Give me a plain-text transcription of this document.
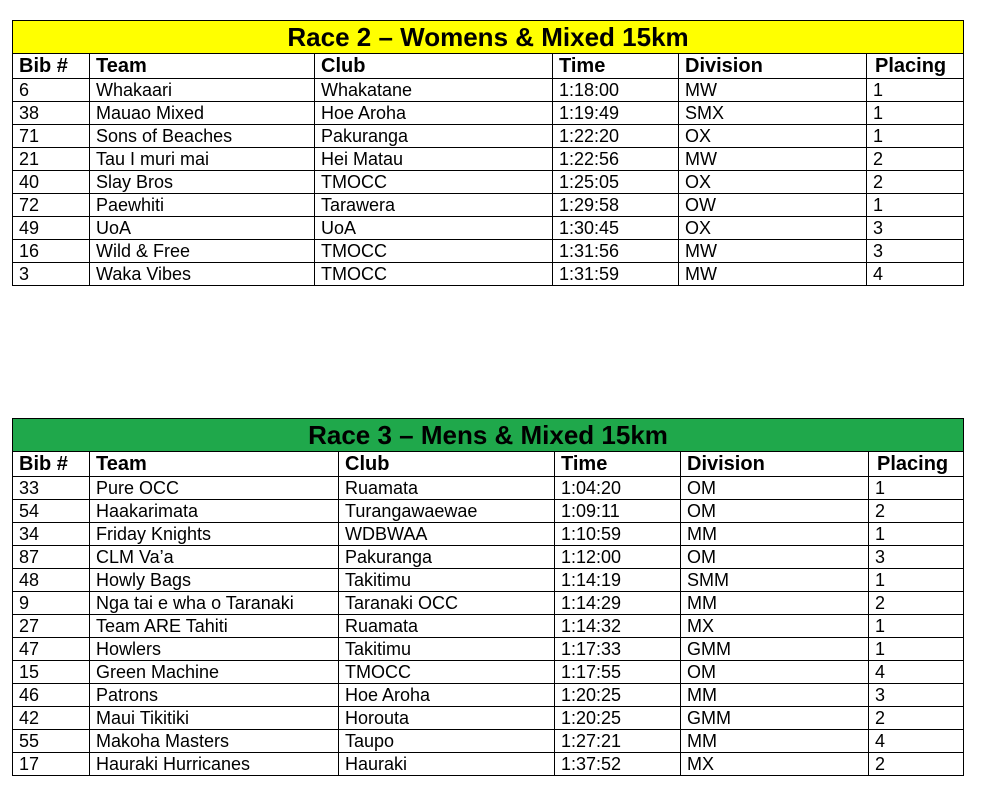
Race 2 – Womens & Mixed 15km					
Bib #	Team	Club	Time	Division	Placing
6	Whakaari	Whakatane	1:18:00	MW	1
38	Mauao Mixed	Hoe Aroha	1:19:49	SMX	1
71	Sons of Beaches	Pakuranga	1:22:20	OX	1
21	Tau I muri mai	Hei Matau	1:22:56	MW	2
40	Slay Bros	TMOCC	1:25:05	OX	2
72	Paewhiti	Tarawera	1:29:58	OW	1
49	UoA	UoA	1:30:45	OX	3
16	Wild & Free	TMOCC	1:31:56	MW	3
3	Waka Vibes	TMOCC	1:31:59	MW	4
Race 3 – Mens & Mixed 15km					
Bib #	Team	Club	Time	Division	Placing
33	Pure OCC	Ruamata	1:04:20	OM	1
54	Haakarimata	Turangawaewae	1:09:11	OM	2
34	Friday Knights	WDBWAA	1:10:59	MM	1
87	CLM Va’a	Pakuranga	1:12:00	OM	3
48	Howly Bags	Takitimu	1:14:19	SMM	1
9	Nga tai e wha o Taranaki	Taranaki OCC	1:14:29	MM	2
27	Team ARE Tahiti	Ruamata	1:14:32	MX	1
47	Howlers	Takitimu	1:17:33	GMM	1
15	Green Machine	TMOCC	1:17:55	OM	4
46	Patrons	Hoe Aroha	1:20:25	MM	3
42	Maui Tikitiki	Horouta	1:20:25	GMM	2
55	Makoha Masters	Taupo	1:27:21	MM	4
17	Hauraki Hurricanes	Hauraki	1:37:52	MX	2
